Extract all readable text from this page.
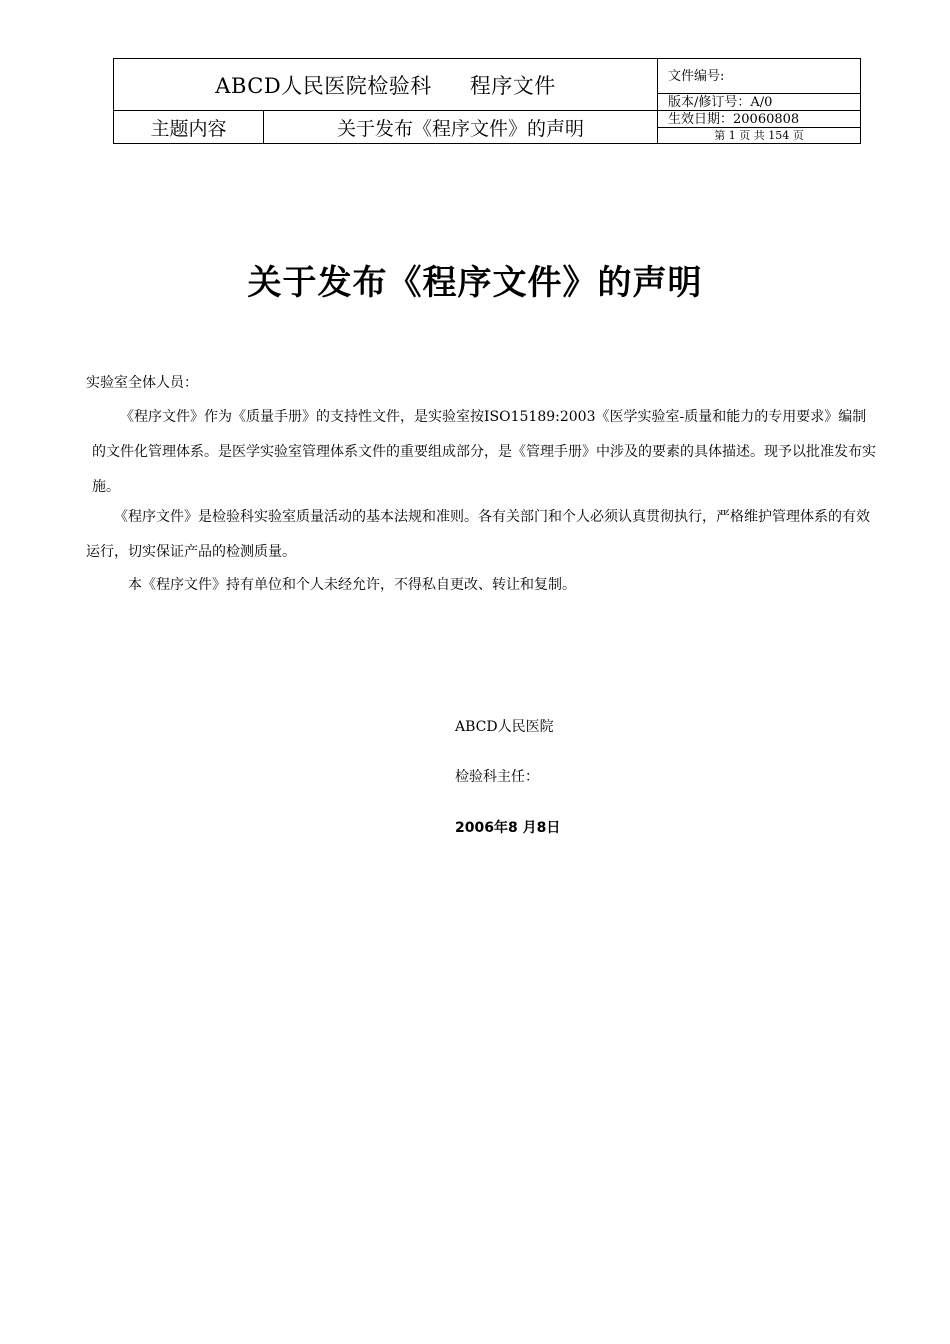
ABCD人民医院检验科 程序文件		文件编号:
		版本/修订号：A/0
主题内容	关于发布《程序文件》的声明	生效日期：20060808
		第 1 页 共 154 页
关于发布《程序文件》的声明
实验室全体人员：

《程序文件》作为《质量手册》的支持性文件，是实验室按ISO15189:2003《医学实验室-质量和能力的专用要求》编制的文件化管理体系。是医学实验室管理体系文件的重要组成部分，是《管理手册》中涉及的要素的具体描述。现予以批准发布实施。

《程序文件》是检验科实验室质量活动的基本法规和准则。各有关部门和个人必须认真贯彻执行，严格维护管理体系的有效运行，切实保证产品的检测质量。

本《程序文件》持有单位和个人未经允许，不得私自更改、转让和复制。

ABCD人民医院
检验科主任：
2006年8 月8日
